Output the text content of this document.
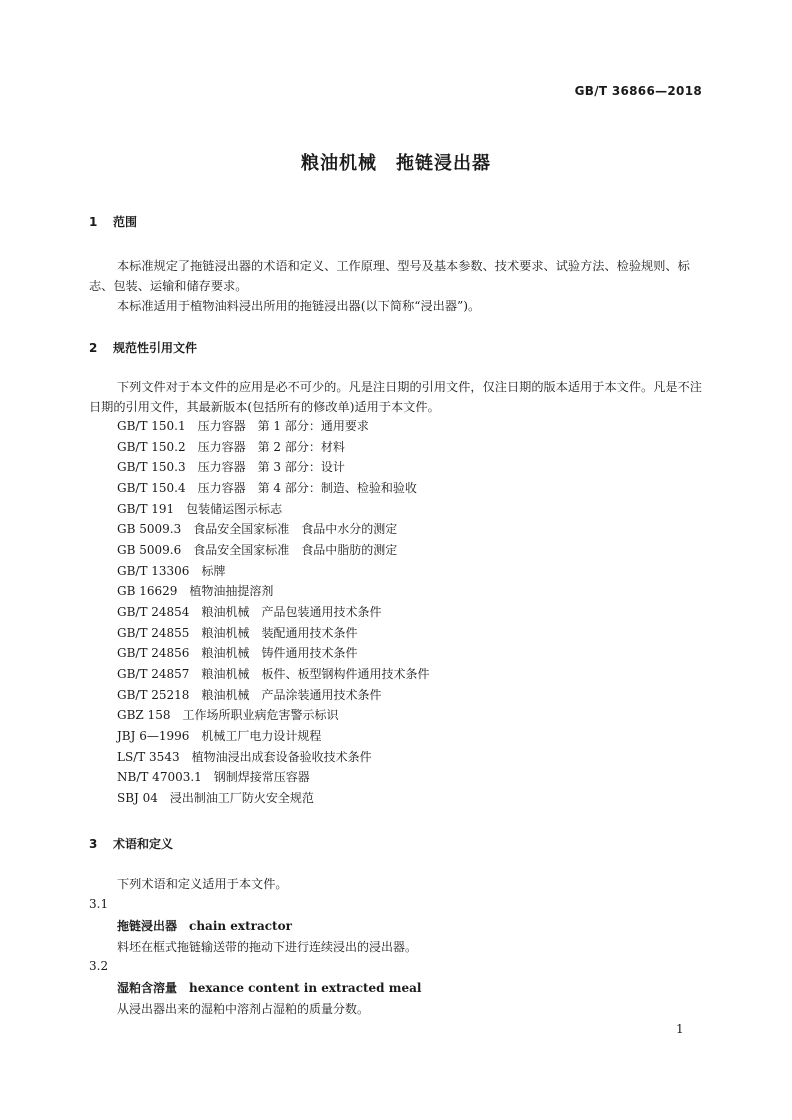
GB/T 36866—2018
粮油机械　拖链浸出器
1 范围
本标准规定了拖链浸出器的术语和定义、工作原理、型号及基本参数、技术要求、试验方法、检验规则、标志、包装、运输和储存要求。
本标准适用于植物油料浸出所用的拖链浸出器(以下简称“浸出器”)。
2 规范性引用文件
下列文件对于本文件的应用是必不可少的。凡是注日期的引用文件，仅注日期的版本适用于本文件。凡是不注日期的引用文件，其最新版本(包括所有的修改单)适用于本文件。
GB/T 150.1　压力容器　第 1 部分：通用要求
GB/T 150.2　压力容器　第 2 部分：材料
GB/T 150.3　压力容器　第 3 部分：设计
GB/T 150.4　压力容器　第 4 部分：制造、检验和验收
GB/T 191　包装储运图示标志
GB 5009.3　食品安全国家标准　食品中水分的测定
GB 5009.6　食品安全国家标准　食品中脂肪的测定
GB/T 13306　标牌
GB 16629　植物油抽提溶剂
GB/T 24854　粮油机械　产品包装通用技术条件
GB/T 24855　粮油机械　装配通用技术条件
GB/T 24856　粮油机械　铸件通用技术条件
GB/T 24857　粮油机械　板件、板型钢构件通用技术条件
GB/T 25218　粮油机械　产品涂装通用技术条件
GBZ 158　工作场所职业病危害警示标识
JBJ 6—1996　机械工厂电力设计规程
LS/T 3543　植物油浸出成套设备验收技术条件
NB/T 47003.1　钢制焊接常压容器
SBJ 04　浸出制油工厂防火安全规范
3 术语和定义
下列术语和定义适用于本文件。
3.1
拖链浸出器 chain extractor
料坯在框式拖链输送带的拖动下进行连续浸出的浸出器。
3.2
湿粕含溶量 hexance content in extracted meal
从浸出器出来的湿粕中溶剂占湿粕的质量分数。
1
